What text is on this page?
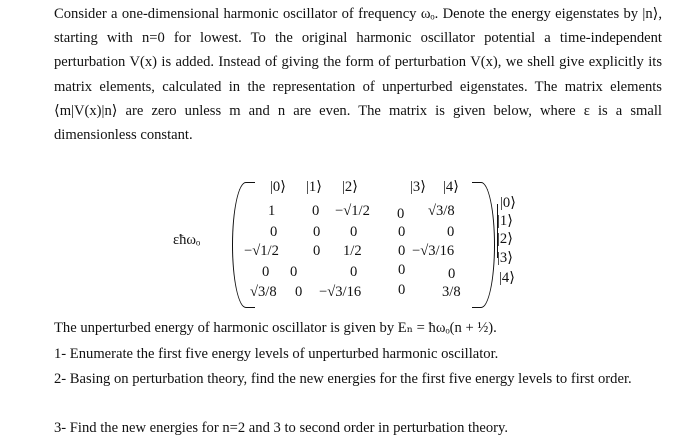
Consider a one-dimensional harmonic oscillator of frequency ωₒ. Denote the energy eigenstates by |n⟩, starting with n=0 for lowest. To the original harmonic oscillator potential a time-independent perturbation V(x) is added. Instead of giving the form of perturbation V(x), we shell give explicitly its matrix elements, calculated in the representation of unperturbed eigenstates. The matrix elements ⟨m|V(x)|n⟩ are zero unless m and n are even. The matrix is given below, where ε is a small dimensionless constant.
εħωₒ
|0⟩ |1⟩ |2⟩	|3⟩ |4⟩
1	0 −√1/2 0 √3/8
0 0 0	0	0
−√1/2 0 1/2 0 −√3/16
0 0	0	0	0
√3/8 0 −√3/16	0	3/8
|0⟩
|1⟩
|2⟩
|3⟩
|4⟩
The unperturbed energy of harmonic oscillator is given by Eₙ = ħωₒ(n + ½).
1- Enumerate the first five energy levels of unperturbed harmonic oscillator.
2- Basing on perturbation theory, find the new energies for the first five energy levels to first order.
3- Find the new energies for n=2 and 3 to second order in perturbation theory.
